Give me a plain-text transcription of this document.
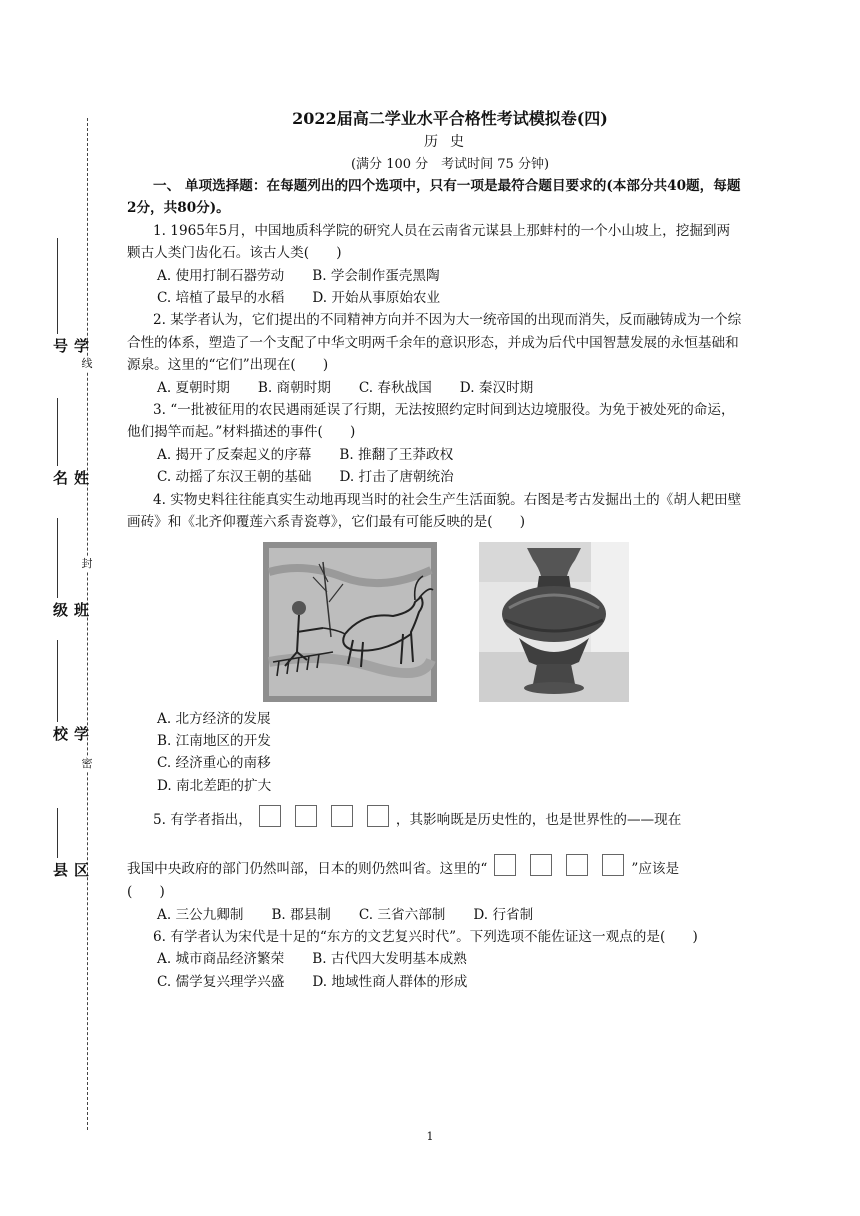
线
封
密
学号
姓名
班级
学校
区县
2022届高二学业水平合格性考试模拟卷(四)
历史
(满分 100 分　考试时间 75 分钟)

一、 单项选择题：在每题列出的四个选项中，只有一项是最符合题目要求的(本部分共40题，每题2分，共80分)。

1. 1965年5月，中国地质科学院的研究人员在云南省元谋县上那蚌村的一个小山坡上，挖掘到两颗古人类门齿化石。该古人类(　　)

A. 使用打制石器劳动 B. 学会制作蛋壳黑陶

C. 培植了最早的水稻 D. 开始从事原始农业

2. 某学者认为，它们提出的不同精神方向并不因为大一统帝国的出现而消失，反而融铸成为一个综合性的体系，塑造了一个支配了中华文明两千余年的意识形态，并成为后代中国智慧发展的永恒基础和源泉。这里的“它们”出现在(　　)

A. 夏朝时期 B. 商朝时期 C. 春秋战国 D. 秦汉时期

3. “一批被征用的农民遇雨延误了行期，无法按照约定时间到达边境服役。为免于被处死的命运，他们揭竿而起。”材料描述的事件(　　)

A. 揭开了反秦起义的序幕 B. 推翻了王莽政权

C. 动摇了东汉王朝的基础 D. 打击了唐朝统治

4. 实物史料往往能真实生动地再现当时的社会生产生活面貌。右图是考古发掘出土的《胡人耙田壁画砖》和《北齐仰覆莲六系青瓷尊》，它们最有可能反映的是(　　)

A. 北方经济的发展

B. 江南地区的开发

C. 经济重心的南移

D. 南北差距的扩大

5. 有学者指出，	，其影响既是历史性的，也是世界性的——现在
我国中央政府的部门仍然叫部，日本的则仍然叫省。这里的“	”应该是
(　　)

A. 三公九卿制 B. 郡县制 C. 三省六部制 D. 行省制

6. 有学者认为宋代是十足的“东方的文艺复兴时代”。下列选项不能佐证这一观点的是(　　)

A. 城市商品经济繁荣 B. 古代四大发明基本成熟

C. 儒学复兴理学兴盛 D. 地域性商人群体的形成

1
